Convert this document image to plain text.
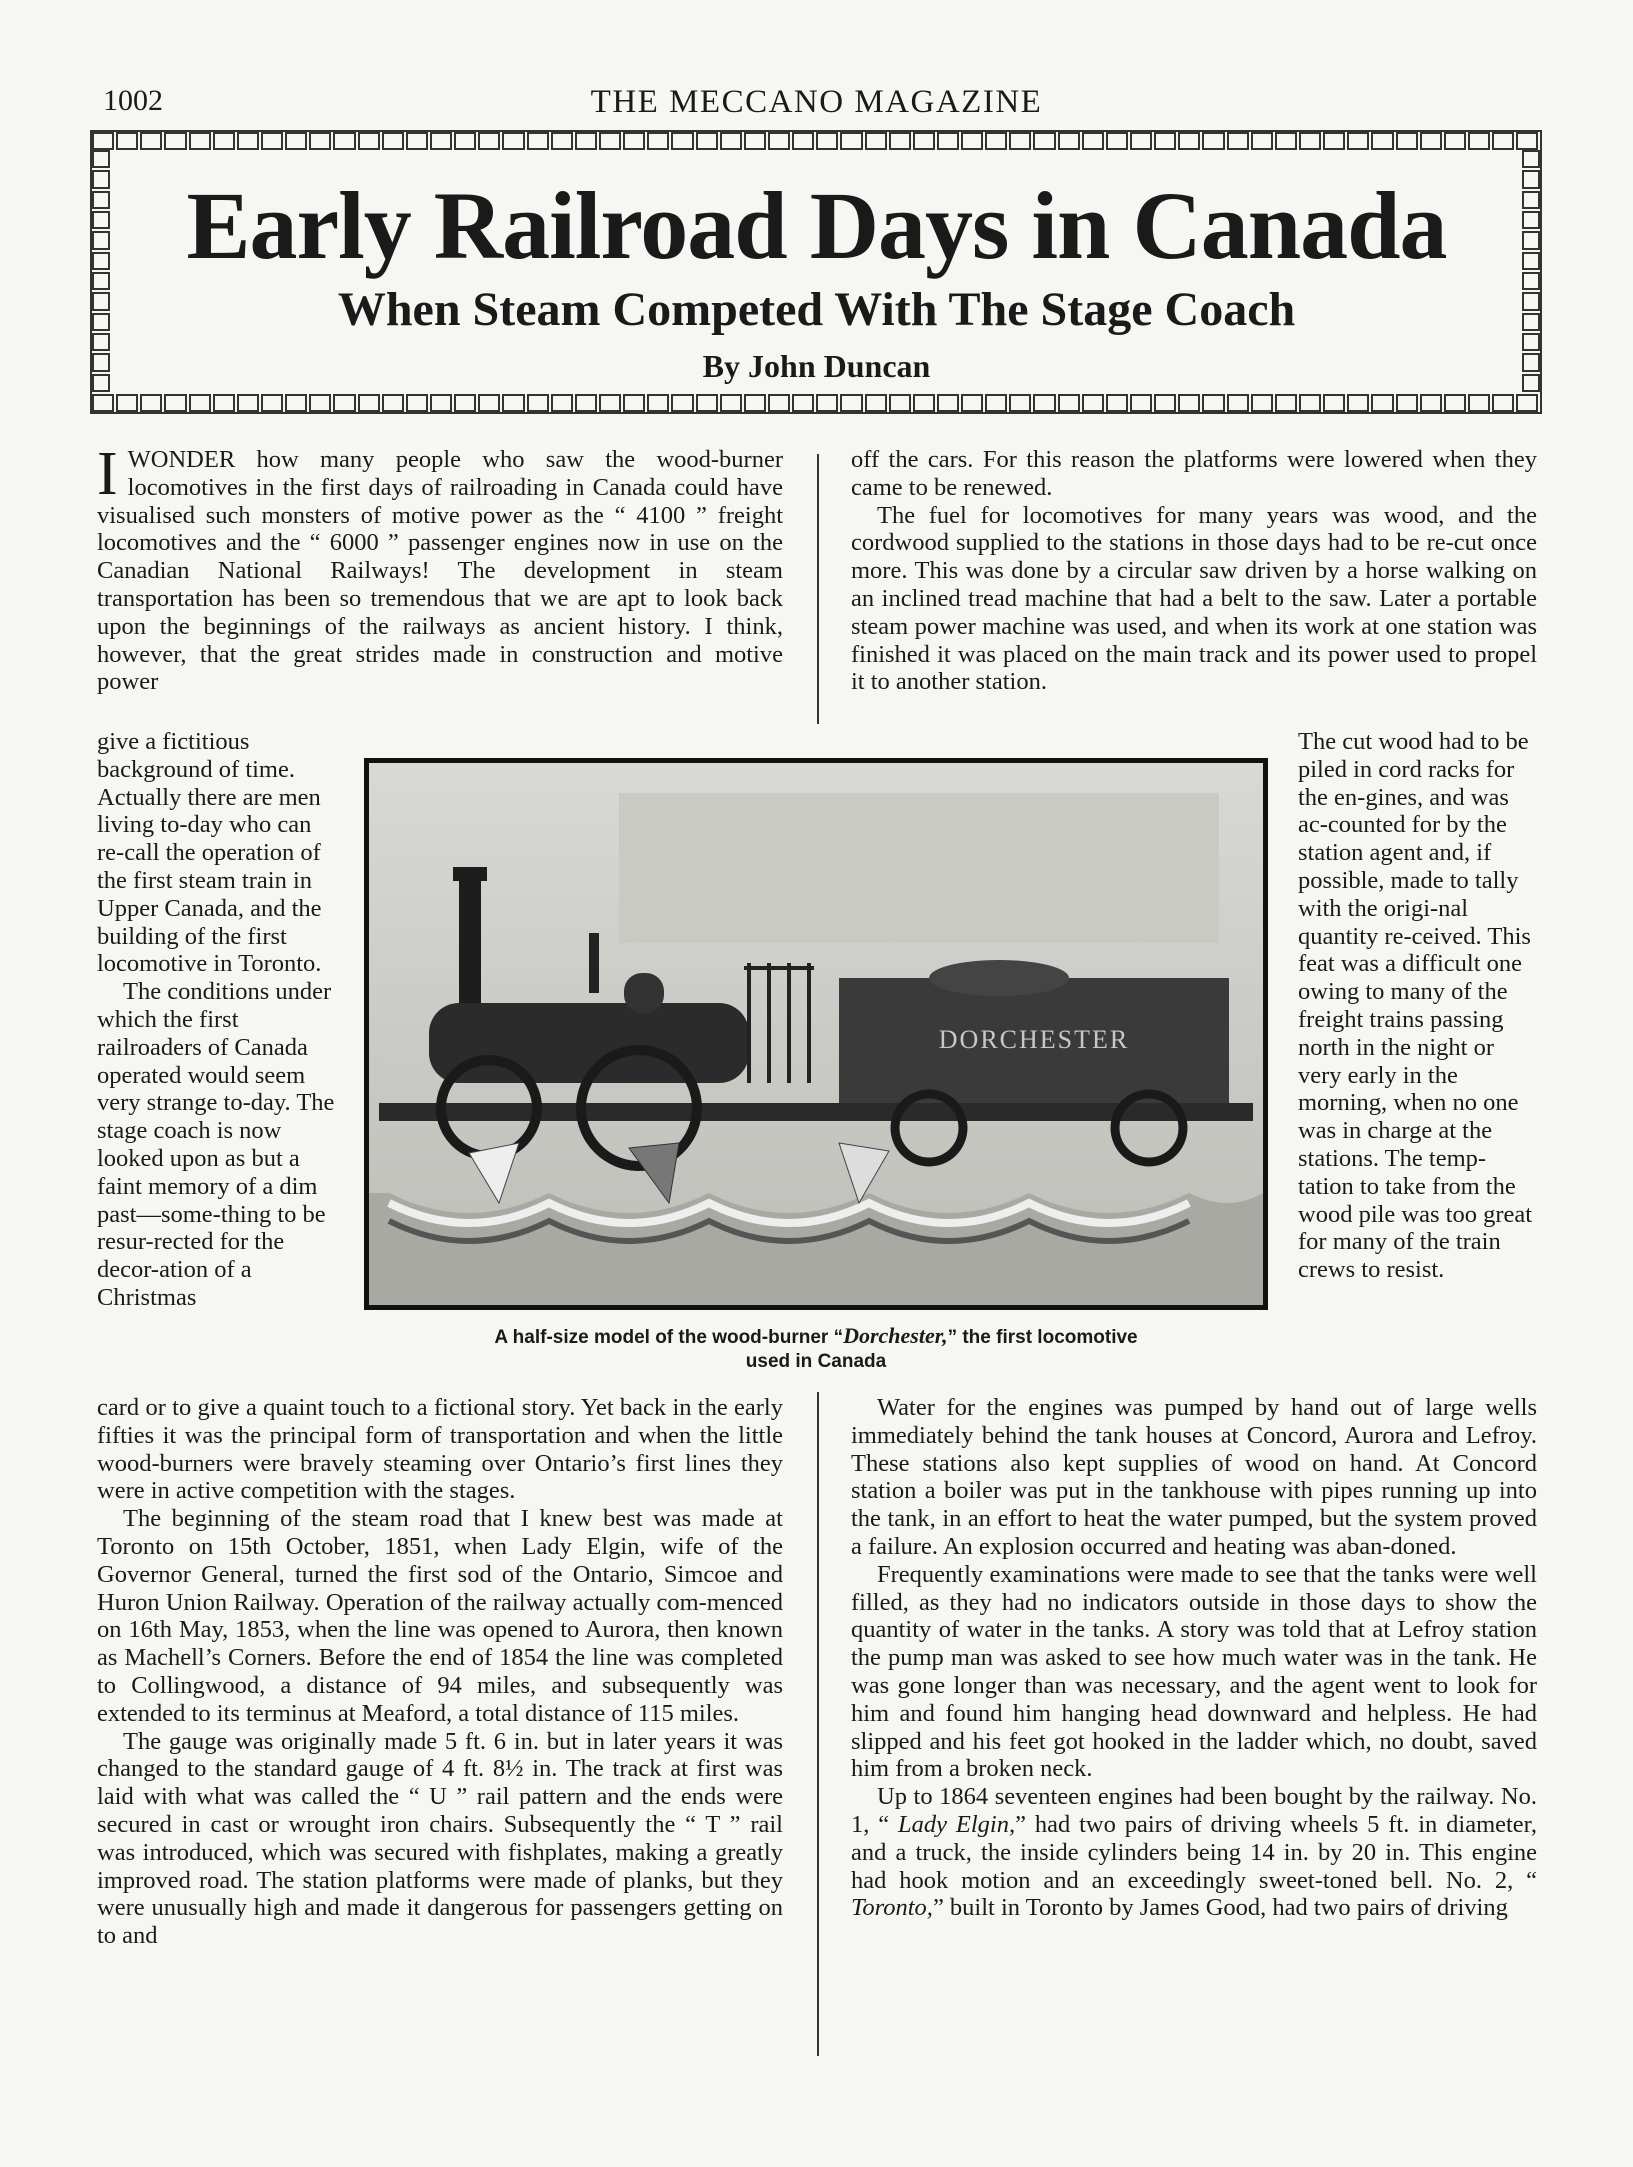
1002	THE MECCANO MAGAZINE
Early Railroad Days in Canada
When Steam Competed With The Stage Coach
By John Duncan

IWONDER how many people who saw the wood-burner locomotives in the first days of railroading in Canada could have visualised such monsters of motive power as the “ 4100 ” freight locomotives and the “ 6000 ” passenger engines now in use on the Canadian National Railways! The development in steam transportation has been so tremendous that we are apt to look back upon the beginnings of the railways as ancient history. I think, however, that the great strides made in construction and motive power

give a fictitious background of time. Actually there are men living to-day who can re-call the operation of the first steam train in Upper Canada, and the building of the first locomotive in Toronto.

The conditions under which the first railroaders of Canada operated would seem very strange to-day. The stage coach is now looked upon as but a faint memory of a dim past—some-thing to be resur-rected for the decor-ation of a Christmas

card or to give a quaint touch to a fictional story. Yet back in the early fifties it was the principal form of transportation and when the little wood-burners were bravely steaming over Ontario’s first lines they were in active competition with the stages.

The beginning of the steam road that I knew best was made at Toronto on 15th October, 1851, when Lady Elgin, wife of the Governor General, turned the first sod of the Ontario, Simcoe and Huron Union Railway. Operation of the railway actually com-menced on 16th May, 1853, when the line was opened to Aurora, then known as Machell’s Corners. Before the end of 1854 the line was completed to Collingwood, a distance of 94 miles, and subsequently was extended to its terminus at Meaford, a total distance of 115 miles.

The gauge was originally made 5 ft. 6 in. but in later years it was changed to the standard gauge of 4 ft. 8½ in. The track at first was laid with what was called the “ U ” rail pattern and the ends were secured in cast or wrought iron chairs. Subsequently the “ T ” rail was introduced, which was secured with fishplates, making a greatly improved road. The station platforms were made of planks, but they were unusually high and made it dangerous for passengers getting on to and

off the cars. For this reason the platforms were lowered when they came to be renewed.

The fuel for locomotives for many years was wood, and the cordwood supplied to the stations in those days had to be re-cut once more. This was done by a circular saw driven by a horse walking on an inclined tread machine that had a belt to the saw. Later a portable steam power machine was used, and when its work at one station was finished it was placed on the main track and its power used to propel it to another station.

The cut wood had to be piled in cord racks for the en-gines, and was ac-counted for by the station agent and, if possible, made to tally with the origi-nal quantity re-ceived. This feat was a difficult one owing to many of the freight trains passing north in the night or very early in the morning, when no one was in charge at the stations. The temp-tation to take from the wood pile was too great for many of the train crews to resist.

Water for the engines was pumped by hand out of large wells immediately behind the tank houses at Concord, Aurora and Lefroy. These stations also kept supplies of wood on hand. At Concord station a boiler was put in the tankhouse with pipes running up into the tank, in an effort to heat the water pumped, but the system proved a failure. An explosion occurred and heating was aban-doned.

Frequently examinations were made to see that the tanks were well filled, as they had no indicators outside in those days to show the quantity of water in the tanks. A story was told that at Lefroy station the pump man was asked to see how much water was in the tank. He was gone longer than was necessary, and the agent went to look for him and found him hanging head downward and helpless. He had slipped and his feet got hooked in the ladder which, no doubt, saved him from a broken neck.

Up to 1864 seventeen engines had been bought by the railway. No. 1, “ Lady Elgin,” had two pairs of driving wheels 5 ft. in diameter, and a truck, the inside cylinders being 14 in. by 20 in. This engine had hook motion and an exceedingly sweet-toned bell. No. 2, “ Toronto,” built in Toronto by James Good, had two pairs of driving

DORCHESTER
A half-size model of the wood-burner “Dorchester,” the first locomotive
used in Canada
